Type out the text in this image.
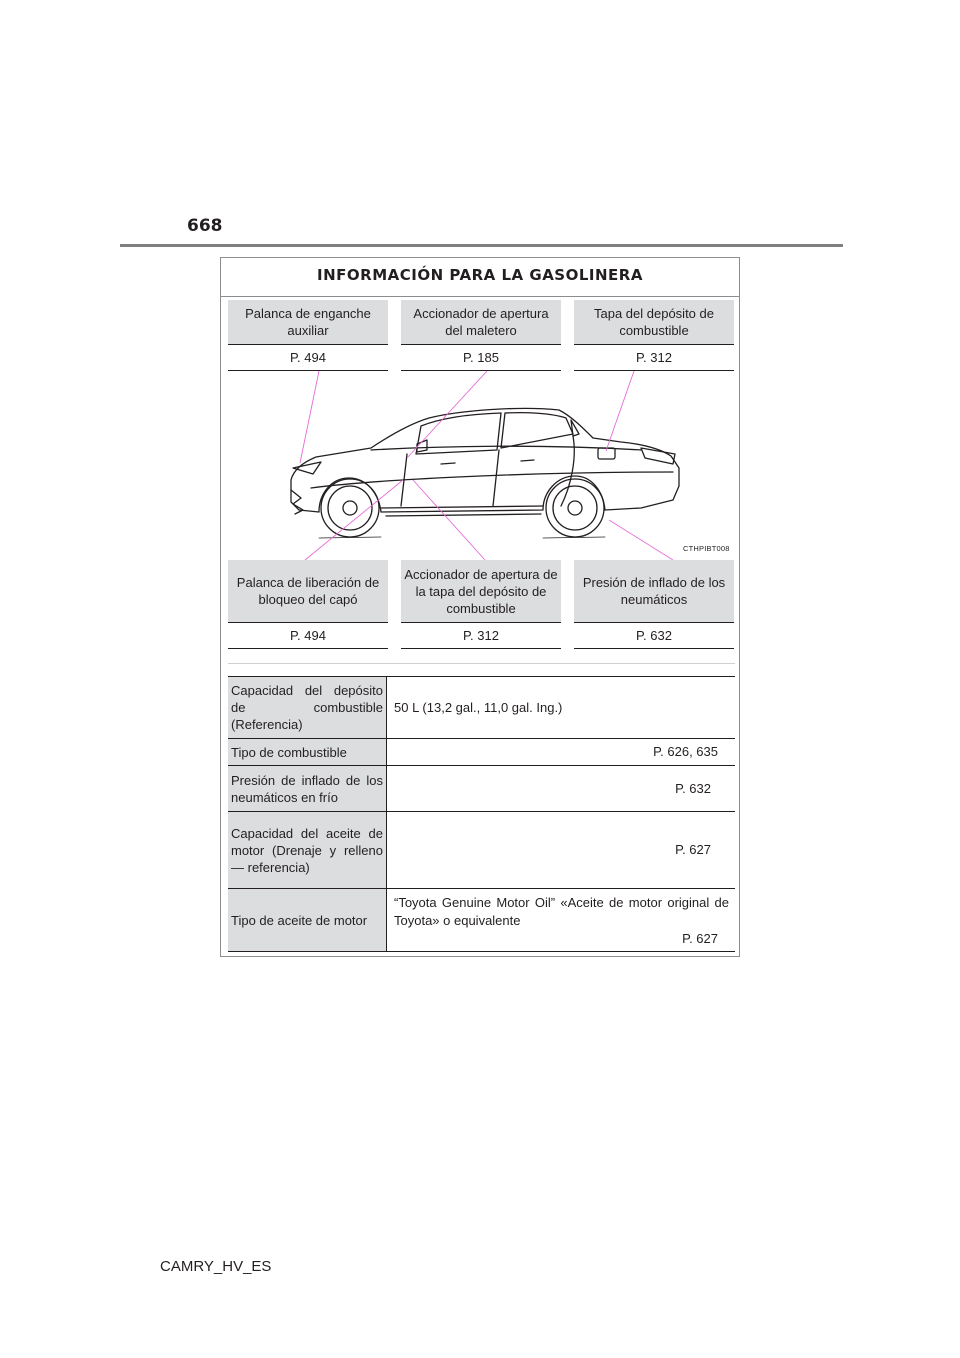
668
INFORMACIÓN PARA LA GASOLINERA
Palanca de enganche auxiliar
P. 494
Accionador de apertura del maletero
P. 185
Tapa del depósito de combustible
P. 312
CTHPIBT008
Palanca de liberación de bloqueo del capó
P. 494
Accionador de apertura de la tapa del depósito de combustible
P. 312
Presión de inflado de los neumáticos
P. 632
Capacidad del depósito de combustible (Referencia)
50 L (13,2 gal., 11,0 gal. Ing.)
Tipo de combustible	P. 626, 635
Presión de inflado de los neumáticos en frío
P. 632
Capacidad del aceite de motor (Drenaje y relleno — referencia)
P. 627
Tipo de aceite de motor
“Toyota Genuine Motor Oil” «Aceite de motor original de Toyota» o equivalente
P. 627
CAMRY_HV_ES
